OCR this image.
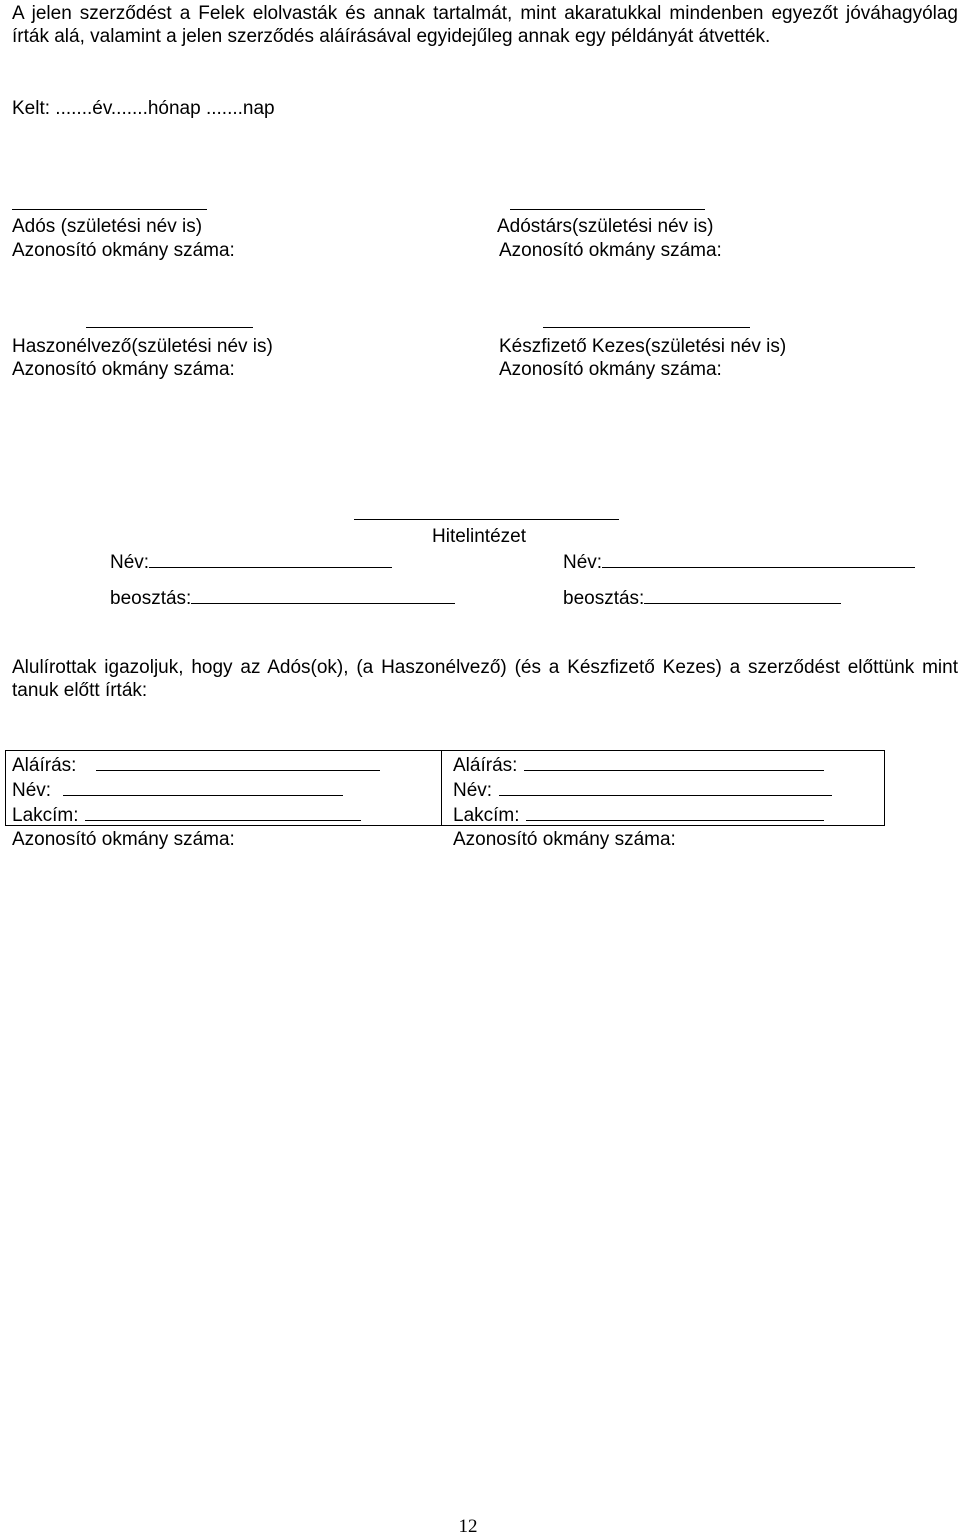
A jelen szerződést a Felek elolvasták és annak tartalmát, mint akaratukkal mindenben egyezőt jóváhagyólag írták alá, valamint a jelen szerződés aláírásával egyidejűleg annak egy példányát átvették.
Kelt: .......év.......hónap .......nap
Adós (születési név is)
Azonosító okmány száma:
Adóstárs(születési név is)
Azonosító okmány száma:
Haszonélvező(születési név is)
Azonosító okmány száma:
Készfizető Kezes(születési név is)
Azonosító okmány száma:
Hitelintézet
Név:
beosztás:
Név:
beosztás:
Alulírottak igazoljuk, hogy az Adós(ok), (a Haszonélvező) (és a Készfizető Kezes) a szerződést előttünk mint tanuk előtt írták:
Aláírás:
Név:
Lakcím:
Azonosító okmány száma:
Aláírás:
Név:
Lakcím:
Azonosító okmány száma:
12
